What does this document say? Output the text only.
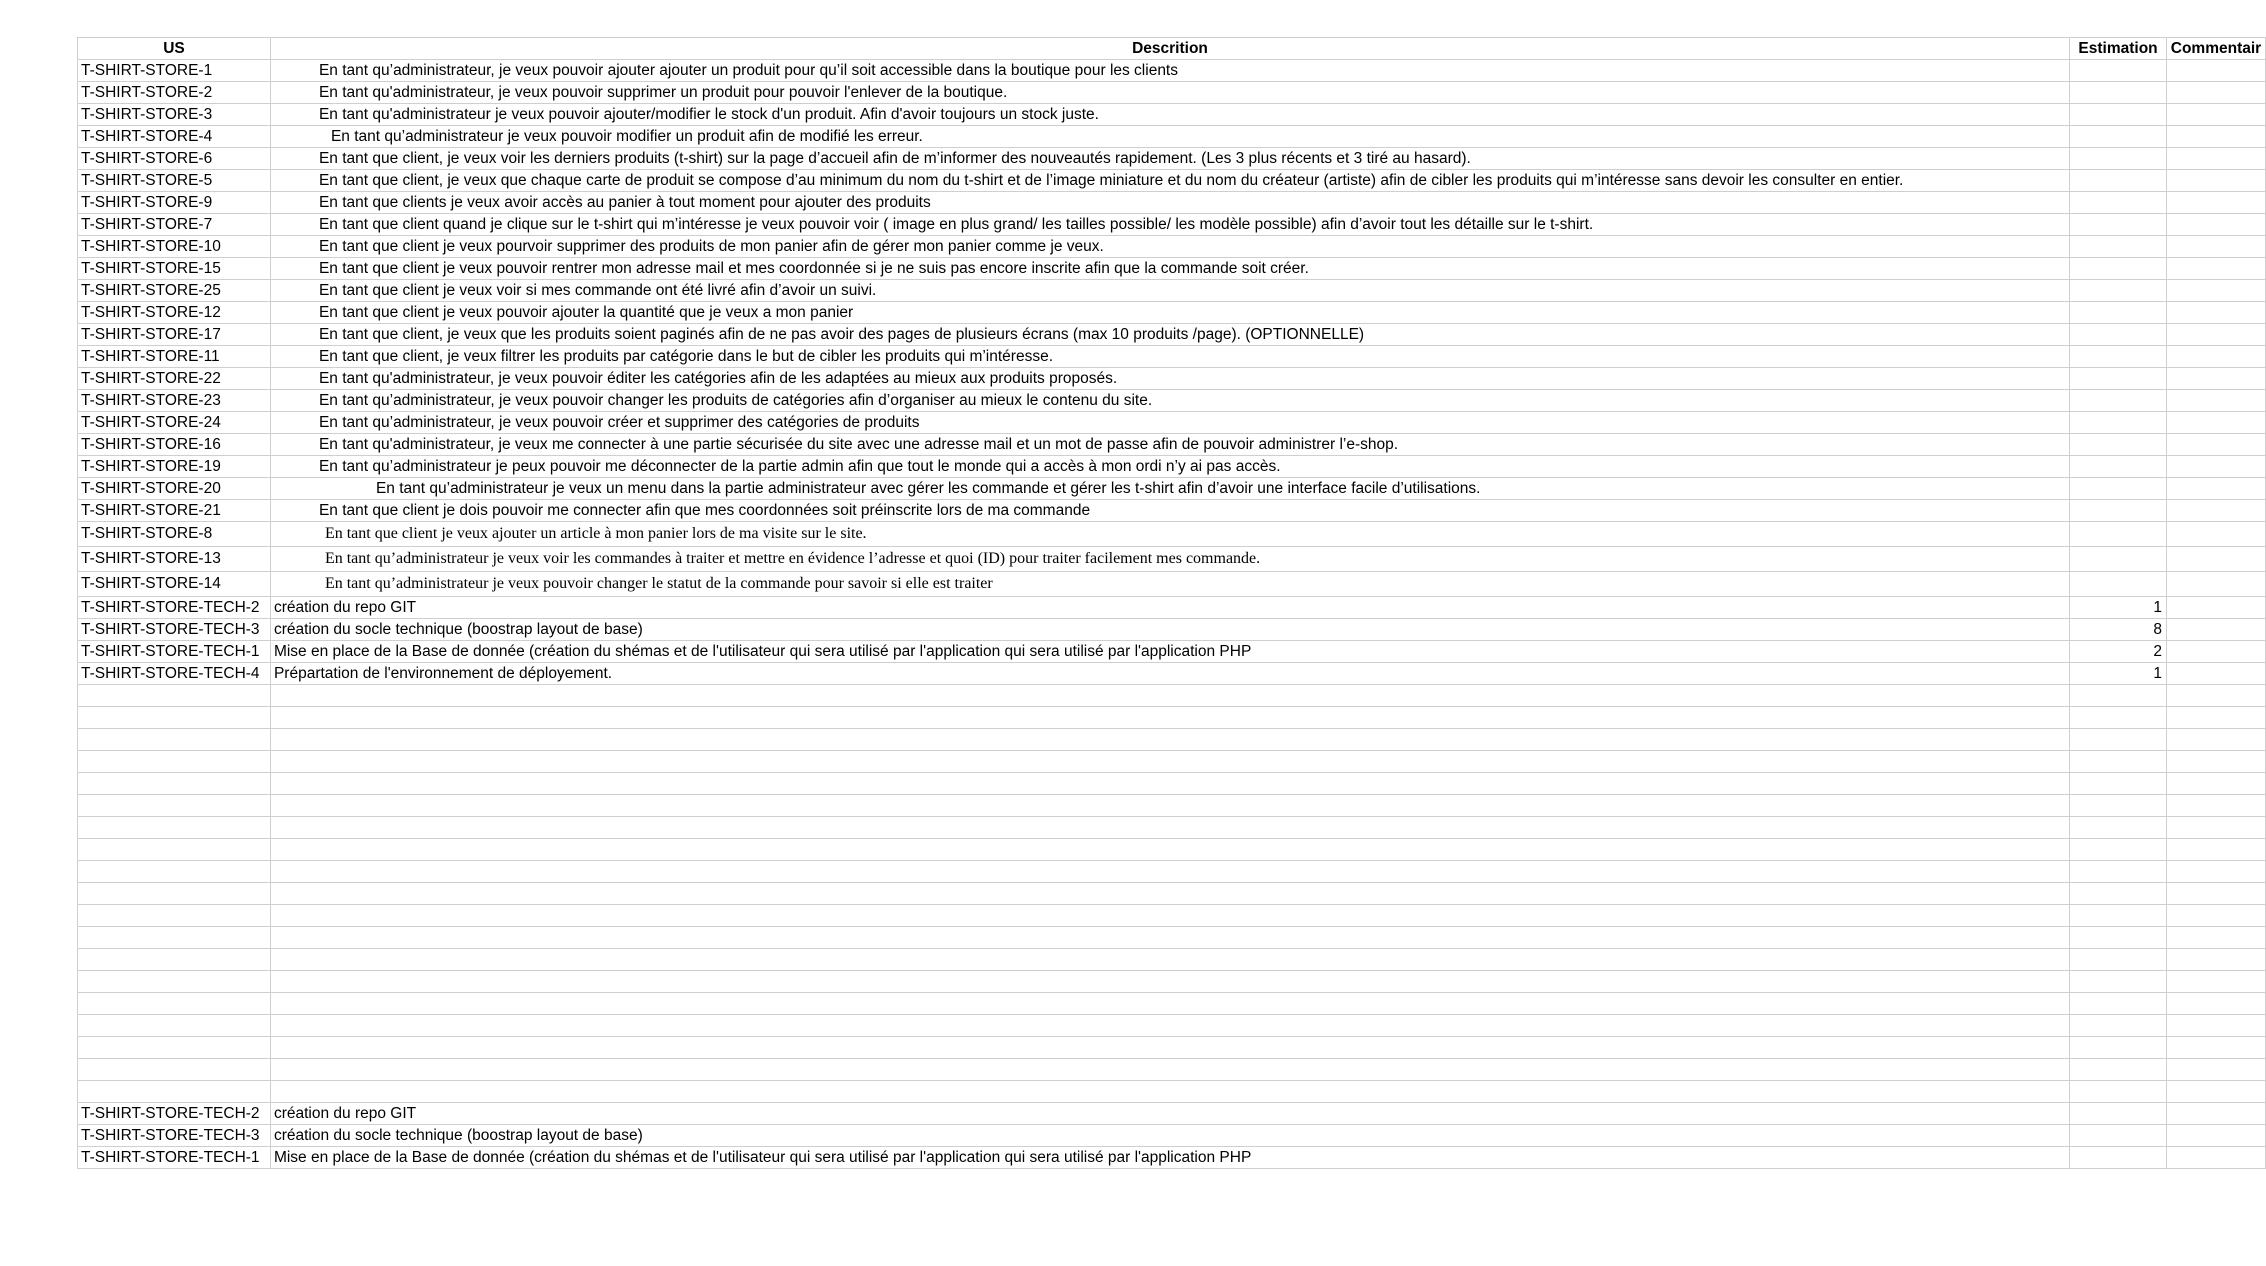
US	Descrition	Estimation	Commentair
T-SHIRT-STORE-1	En tant qu’administrateur, je veux pouvoir ajouter ajouter un produit pour qu’il soit accessible dans la boutique pour les clients		
T-SHIRT-STORE-2	En tant qu'administrateur, je veux pouvoir supprimer un produit pour pouvoir l'enlever de la boutique.		
T-SHIRT-STORE-3	En tant qu'administrateur je veux pouvoir ajouter/modifier le stock d'un produit. Afin d'avoir toujours un stock juste.		
T-SHIRT-STORE-4	En tant qu’administrateur je veux pouvoir modifier un produit afin de modifié les erreur.		
T-SHIRT-STORE-6	En tant que client, je veux voir les derniers produits (t-shirt) sur la page d’accueil afin de m’informer des nouveautés rapidement. (Les 3 plus récents et 3 tiré au hasard).		
T-SHIRT-STORE-5	En tant que client, je veux que chaque carte de produit se compose d’au minimum du nom du t-shirt et de l’image miniature et du nom du créateur (artiste) afin de cibler les produits qui m’intéresse sans devoir les consulter en entier.		
T-SHIRT-STORE-9	En tant que clients je veux avoir accès au panier à tout moment pour ajouter des produits		
T-SHIRT-STORE-7	En tant que client quand je clique sur le t-shirt qui m’intéresse je veux pouvoir voir ( image en plus grand/ les tailles possible/ les modèle possible) afin d’avoir tout les détaille sur le t-shirt.		
T-SHIRT-STORE-10	En tant que client je veux pourvoir supprimer des produits de mon panier afin de gérer mon panier comme je veux.		
T-SHIRT-STORE-15	En tant que client je veux pouvoir rentrer mon adresse mail et mes coordonnée si je ne suis pas encore inscrite afin que la commande soit créer.		
T-SHIRT-STORE-25	En tant que client je veux voir si mes commande ont été livré afin d’avoir un suivi.		
T-SHIRT-STORE-12	En tant que client je veux pouvoir ajouter la quantité que je veux a mon panier		
T-SHIRT-STORE-17	En tant que client, je veux que les produits soient paginés afin de ne pas avoir des pages de plusieurs écrans (max 10 produits /page). (OPTIONNELLE)		
T-SHIRT-STORE-11	En tant que client, je veux filtrer les produits par catégorie dans le but de cibler les produits qui m’intéresse.		
T-SHIRT-STORE-22	En tant qu'administrateur, je veux pouvoir éditer les catégories afin de les adaptées au mieux aux produits proposés.		
T-SHIRT-STORE-23	En tant qu’administrateur, je veux pouvoir changer les produits de catégories afin d’organiser au mieux le contenu du site.		
T-SHIRT-STORE-24	En tant qu’administrateur, je veux pouvoir créer et supprimer des catégories de produits		
T-SHIRT-STORE-16	En tant qu'administrateur, je veux me connecter à une partie sécurisée du site avec une adresse mail et un mot de passe afin de pouvoir administrer l’e-shop.		
T-SHIRT-STORE-19	En tant qu’administrateur je peux pouvoir me déconnecter de la partie admin afin que tout le monde qui a accès à mon ordi n’y ai pas accès.		
T-SHIRT-STORE-20	En tant qu’administrateur je veux un menu dans la partie administrateur avec gérer les commande et gérer les t-shirt afin d’avoir une interface facile d’utilisations.		
T-SHIRT-STORE-21	En tant que client je dois pouvoir me connecter afin que mes coordonnées soit préinscrite lors de ma commande		
T-SHIRT-STORE-8	En tant que client je veux ajouter un article à mon panier lors de ma visite sur le site.		
T-SHIRT-STORE-13	En tant qu’administrateur je veux voir les commandes à traiter et mettre en évidence l’adresse et quoi (ID) pour traiter facilement mes commande.		
T-SHIRT-STORE-14	En tant qu’administrateur je veux pouvoir changer le statut de la commande pour savoir si elle est traiter		
T-SHIRT-STORE-TECH-2	création du repo GIT	1	
T-SHIRT-STORE-TECH-3	création du socle technique (boostrap layout de base)	8	
T-SHIRT-STORE-TECH-1	Mise en place de la Base de donnée (création du shémas et de l'utilisateur qui sera utilisé par l'application qui sera utilisé par l'application PHP	2	
T-SHIRT-STORE-TECH-4	Prépartation de l'environnement de déployement.	1	

T-SHIRT-STORE-TECH-2	création du repo GIT		
T-SHIRT-STORE-TECH-3	création du socle technique (boostrap layout de base)		
T-SHIRT-STORE-TECH-1	Mise en place de la Base de donnée (création du shémas et de l'utilisateur qui sera utilisé par l'application qui sera utilisé par l'application PHP		
